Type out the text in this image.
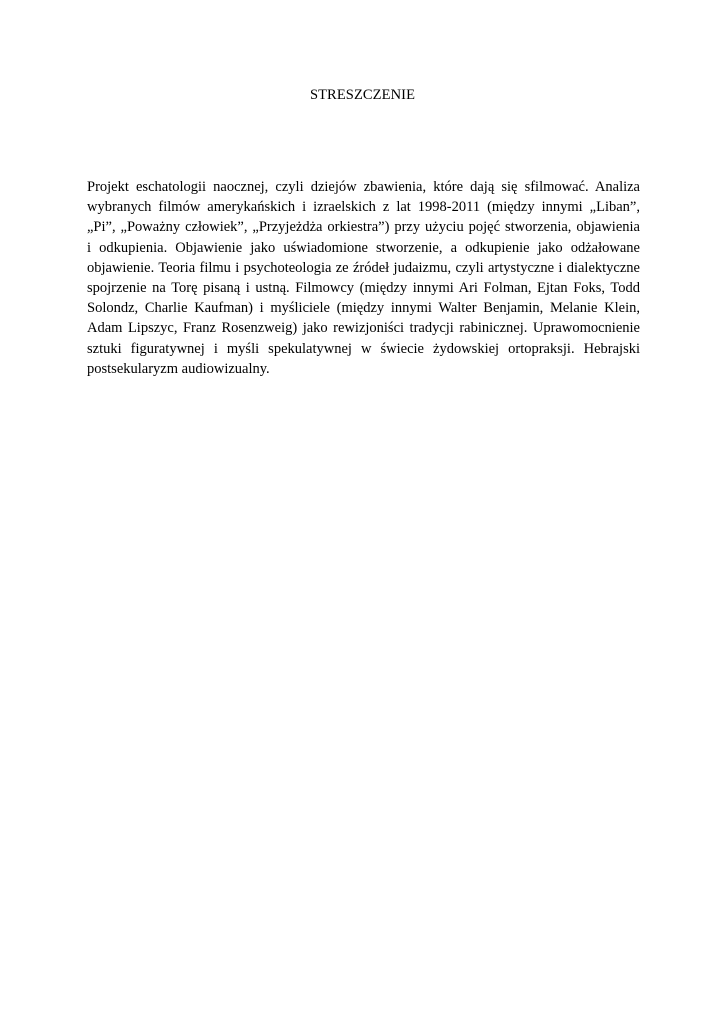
STRESZCZENIE
Projekt eschatologii naocznej, czyli dziejów zbawienia, które dają się sfilmować. Analiza
wybranych filmów amerykańskich i izraelskich z lat 1998-2011 (między innymi „Liban”,
„Pi”, „Poważny człowiek”, „Przyjeżdża orkiestra”) przy użyciu pojęć stworzenia, objawienia
i odkupienia. Objawienie jako uświadomione stworzenie, a odkupienie jako odżałowane
objawienie. Teoria filmu i psychoteologia ze źródeł judaizmu, czyli artystyczne i dialektyczne
spojrzenie na Torę pisaną i ustną. Filmowcy (między innymi Ari Folman, Ejtan Foks, Todd
Solondz, Charlie Kaufman) i myśliciele (między innymi Walter Benjamin, Melanie Klein,
Adam Lipszyc, Franz Rosenzweig) jako rewizjoniści tradycji rabinicznej. Uprawomocnienie
sztuki figuratywnej i myśli spekulatywnej w świecie żydowskiej ortopraksji. Hebrajski
postsekularyzm audiowizualny.
